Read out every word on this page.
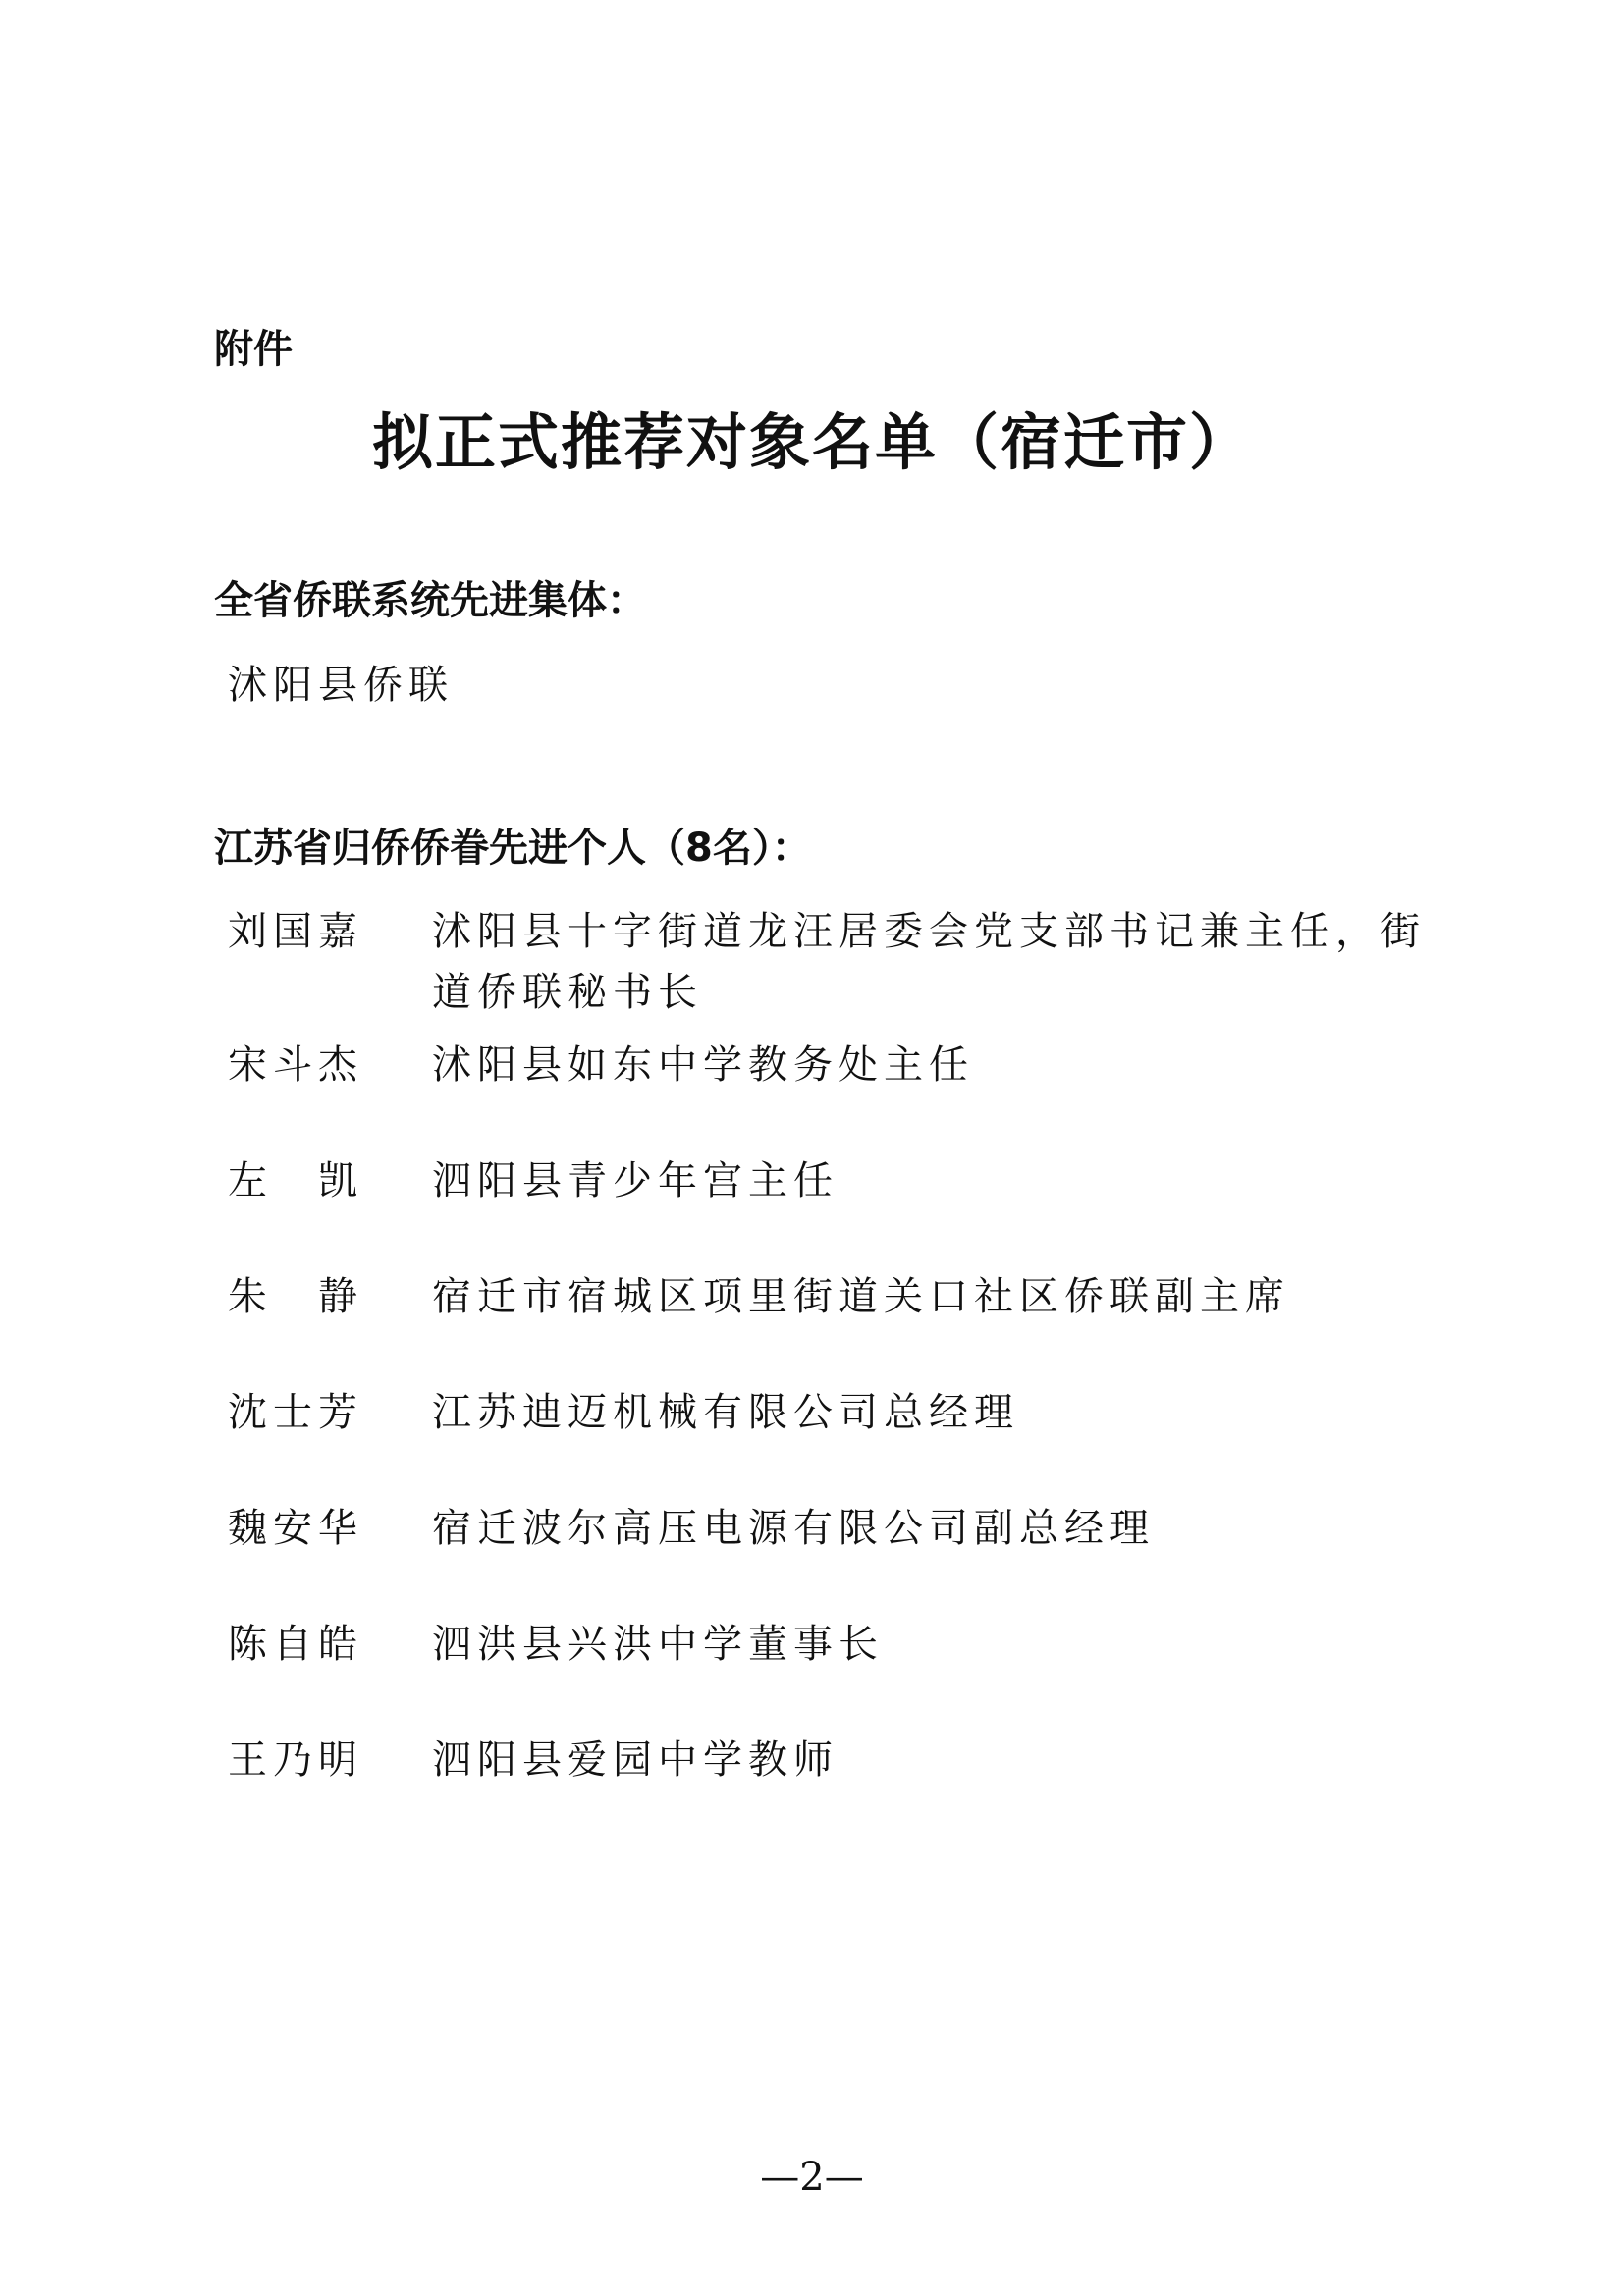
附件
拟正式推荐对象名单（宿迁市）
全省侨联系统先进集体：
沭阳县侨联
江苏省归侨侨眷先进个人（8名）：
刘国嘉	沭阳县十字街道龙汪居委会党支部书记兼主任，街道侨联秘书长
宋斗杰	沭阳县如东中学教务处主任
左　凯	泗阳县青少年宫主任
朱　静	宿迁市宿城区项里街道关口社区侨联副主席
沈士芳	江苏迪迈机械有限公司总经理
魏安华	宿迁波尔高压电源有限公司副总经理
陈自皓	泗洪县兴洪中学董事长
王乃明	泗阳县爱园中学教师
—2—
